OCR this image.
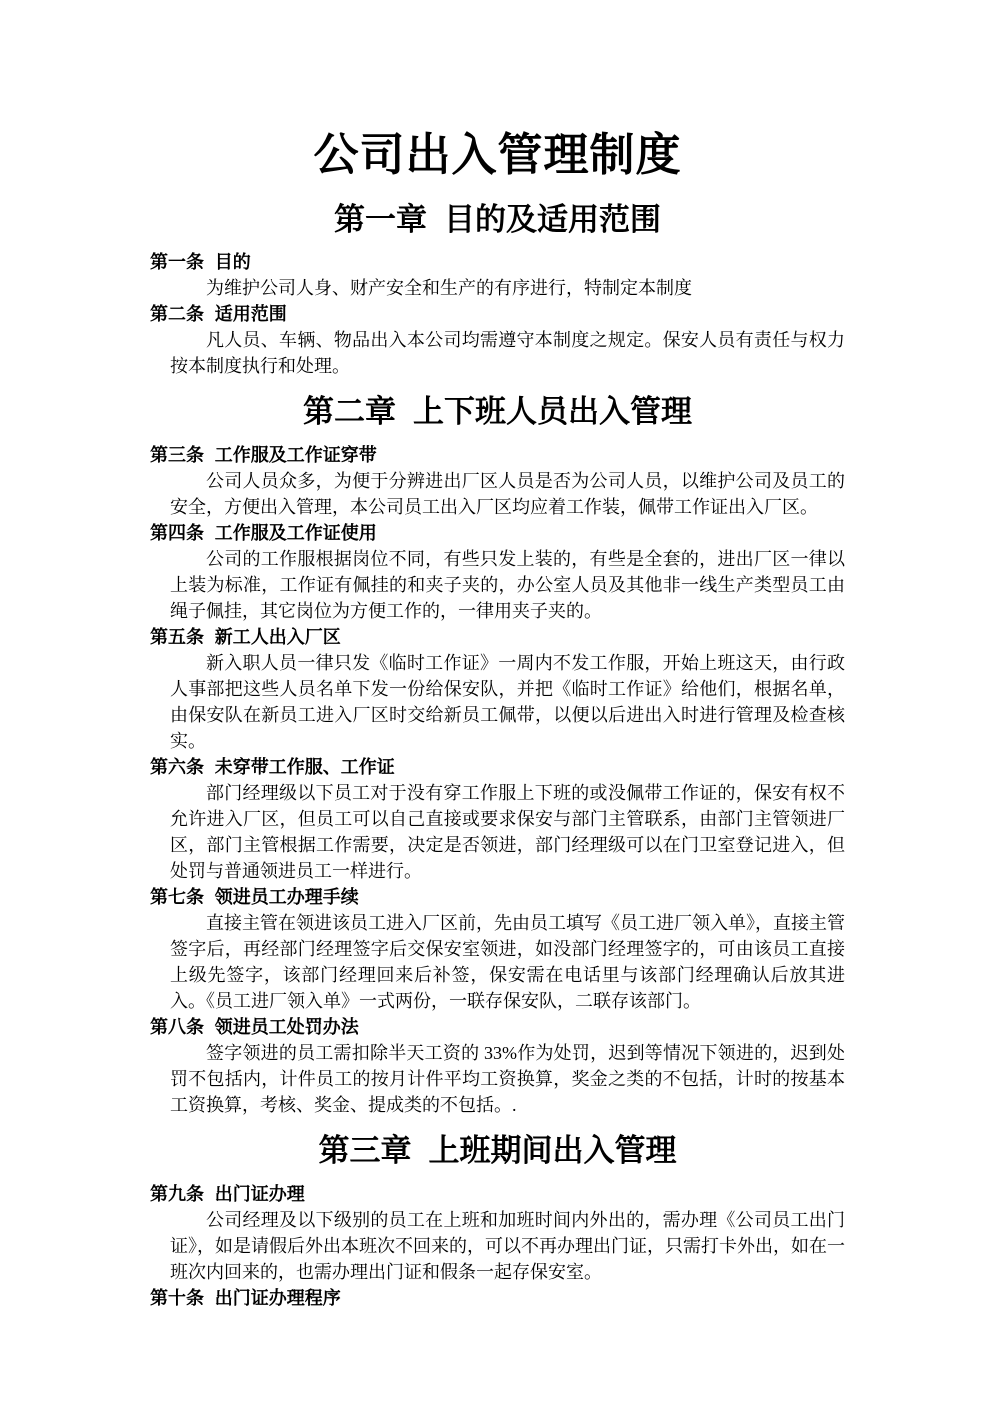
公司出入管理制度
第一章 目的及适用范围

第一条 目的

为维护公司人身、财产安全和生产的有序进行，特制定本制度

第二条 适用范围

凡人员、车辆、物品出入本公司均需遵守本制度之规定。保安人员有责任与权力按本制度执行和处理。

第二章 上下班人员出入管理

第三条 工作服及工作证穿带

公司人员众多，为便于分辨进出厂区人员是否为公司人员，以维护公司及员工的安全，方便出入管理，本公司员工出入厂区均应着工作装，佩带工作证出入厂区。

第四条 工作服及工作证使用

公司的工作服根据岗位不同，有些只发上装的，有些是全套的，进出厂区一律以上装为标准，工作证有佩挂的和夹子夹的，办公室人员及其他非一线生产类型员工由绳子佩挂，其它岗位为方便工作的，一律用夹子夹的。

第五条 新工人出入厂区

新入职人员一律只发《临时工作证》一周内不发工作服，开始上班这天，由行政人事部把这些人员名单下发一份给保安队，并把《临时工作证》给他们，根据名单，由保安队在新员工进入厂区时交给新员工佩带，以便以后进出入时进行管理及检查核实。

第六条 未穿带工作服、工作证

部门经理级以下员工对于没有穿工作服上下班的或没佩带工作证的，保安有权不允许进入厂区，但员工可以自己直接或要求保安与部门主管联系，由部门主管领进厂区，部门主管根据工作需要，决定是否领进，部门经理级可以在门卫室登记进入，但处罚与普通领进员工一样进行。

第七条 领进员工办理手续

直接主管在领进该员工进入厂区前，先由员工填写《员工进厂领入单》，直接主管签字后，再经部门经理签字后交保安室领进，如没部门经理签字的，可由该员工直接上级先签字，该部门经理回来后补签，保安需在电话里与该部门经理确认后放其进入。《员工进厂领入单》一式两份，一联存保安队，二联存该部门。

第八条 领进员工处罚办法

签字领进的员工需扣除半天工资的 33%作为处罚，迟到等情况下领进的，迟到处罚不包括内，计件员工的按月计件平均工资换算，奖金之类的不包括，计时的按基本工资换算，考核、奖金、提成类的不包括。.

第三章 上班期间出入管理

第九条 出门证办理

公司经理及以下级别的员工在上班和加班时间内外出的，需办理《公司员工出门证》，如是请假后外出本班次不回来的，可以不再办理出门证，只需打卡外出，如在一班次内回来的，也需办理出门证和假条一起存保安室。

第十条 出门证办理程序
